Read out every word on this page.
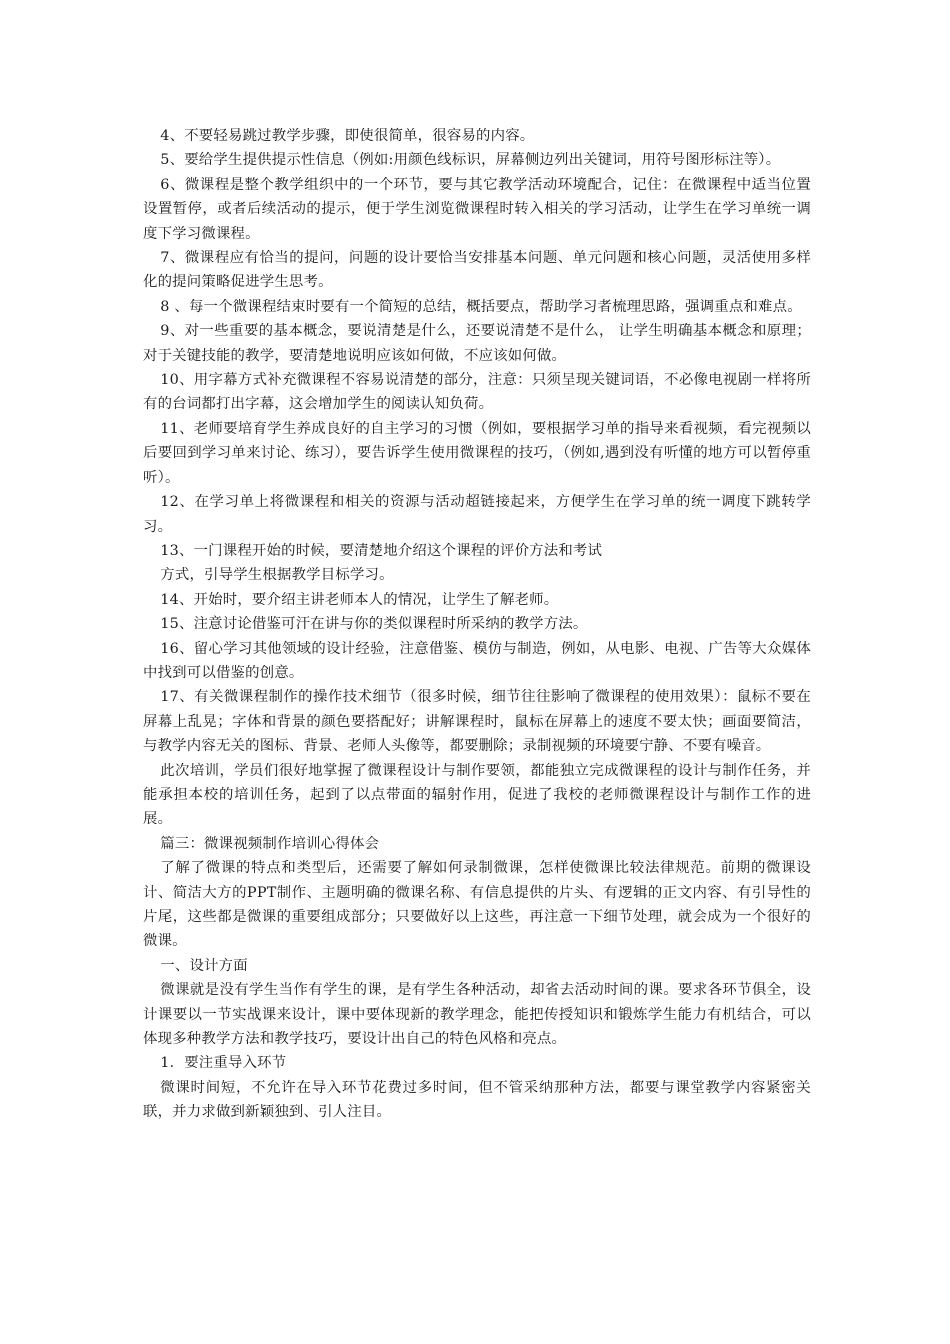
4、不要轻易跳过教学步骤，即使很简单，很容易的内容。

5、要给学生提供提示性信息（例如:用颜色线标识，屏幕侧边列出关键词，用符号图形标注等）。

6、微课程是整个教学组织中的一个环节，要与其它教学活动环境配合，记住：在微课程中适当位置设置暂停，或者后续活动的提示，便于学生浏览微课程时转入相关的学习活动，让学生在学习单统一调度下学习微课程。

7、微课程应有恰当的提问，问题的设计要恰当安排基本问题、单元问题和核心问题，灵活使用多样化的提问策略促进学生思考。

8 、每一个微课程结束时要有一个简短的总结，概括要点，帮助学习者梳理思路，强调重点和难点。

9、对一些重要的基本概念，要说清楚是什么，还要说清楚不是什么， 让学生明确基本概念和原理；对于关键技能的教学，要清楚地说明应该如何做，不应该如何做。

10、用字幕方式补充微课程不容易说清楚的部分，注意：只须呈现关键词语，不必像电视剧一样将所有的台词都打出字幕，这会增加学生的阅读认知负荷。

11、老师要培育学生养成良好的自主学习的习惯（例如，要根据学习单的指导来看视频，看完视频以后要回到学习单来讨论、练习），要告诉学生使用微课程的技巧，（例如,遇到没有听懂的地方可以暂停重听）。

12、在学习单上将微课程和相关的资源与活动超链接起来，方便学生在学习单的统一调度下跳转学习。

13、一门课程开始的时候，要清楚地介绍这个课程的评价方法和考试

方式，引导学生根据教学目标学习。

14、开始时，要介绍主讲老师本人的情况，让学生了解老师。

15、注意讨论借鉴可汗在讲与你的类似课程时所采纳的教学方法。

16、留心学习其他领域的设计经验，注意借鉴、模仿与制造，例如，从电影、电视、广告等大众媒体中找到可以借鉴的创意。

17、有关微课程制作的操作技术细节（很多时候，细节往往影响了微课程的使用效果）：鼠标不要在屏幕上乱晃；字体和背景的颜色要搭配好；讲解课程时，鼠标在屏幕上的速度不要太快；画面要简洁，与教学内容无关的图标、背景、老师人头像等，都要删除；录制视频的环境要宁静、不要有噪音。

此次培训，学员们很好地掌握了微课程设计与制作要领，都能独立完成微课程的设计与制作任务，并能承担本校的培训任务，起到了以点带面的辐射作用，促进了我校的老师微课程设计与制作工作的进展。

篇三：微课视频制作培训心得体会

了解了微课的特点和类型后，还需要了解如何录制微课，怎样使微课比较法律规范。前期的微课设计、简洁大方的PPT制作、主题明确的微课名称、有信息提供的片头、有逻辑的正文内容、有引导性的片尾，这些都是微课的重要组成部分；只要做好以上这些，再注意一下细节处理，就会成为一个很好的微课。

一、设计方面

微课就是没有学生当作有学生的课，是有学生各种活动，却省去活动时间的课。要求各环节俱全，设计课要以一节实战课来设计，课中要体现新的教学理念，能把传授知识和锻炼学生能力有机结合，可以体现多种教学方法和教学技巧，要设计出自己的特色风格和亮点。

1．要注重导入环节

微课时间短，不允许在导入环节花费过多时间，但不管采纳那种方法，都要与课堂教学内容紧密关联，并力求做到新颖独到、引人注目。
